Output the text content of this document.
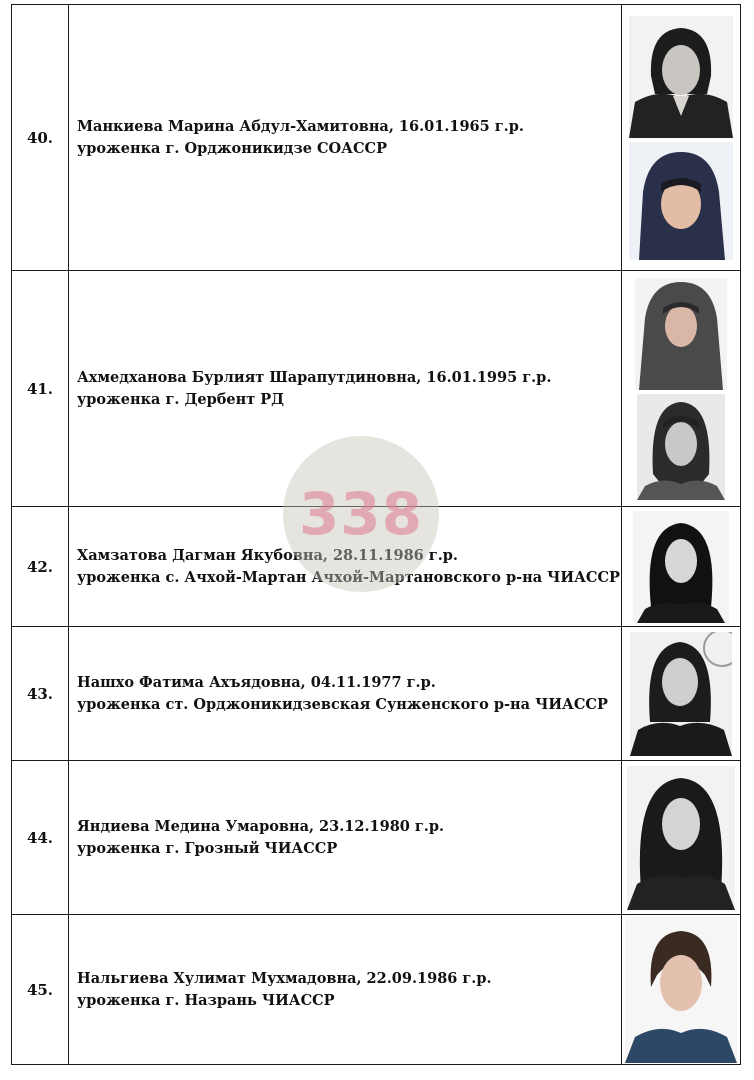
40.	Манкиева Марина Абдул-Хамитовна, 16.01.1965 г.р.
уроженка г. Орджоникидзе СОАССР

41.	Ахмедханова Бурлият Шарапутдиновна, 16.01.1995 г.р.
уроженка г. Дербент РД

42.	Хамзатова Дагман Якубовна, 28.11.1986 г.р.
уроженка с. Ачхой-Мартан Ачхой-Мартановского р-на ЧИАССР

43.	Нашхо Фатима Ахъядовна, 04.11.1977 г.р.
уроженка ст. Орджоникидзевская Сунженского р-на ЧИАССР

44.	Яндиева Медина Умаровна, 23.12.1980 г.р.
уроженка г. Грозный ЧИАССР

45.	Нальгиева Хулимат Мухмадовна, 22.09.1986 г.р.
уроженка г. Назрань ЧИАССР

338
